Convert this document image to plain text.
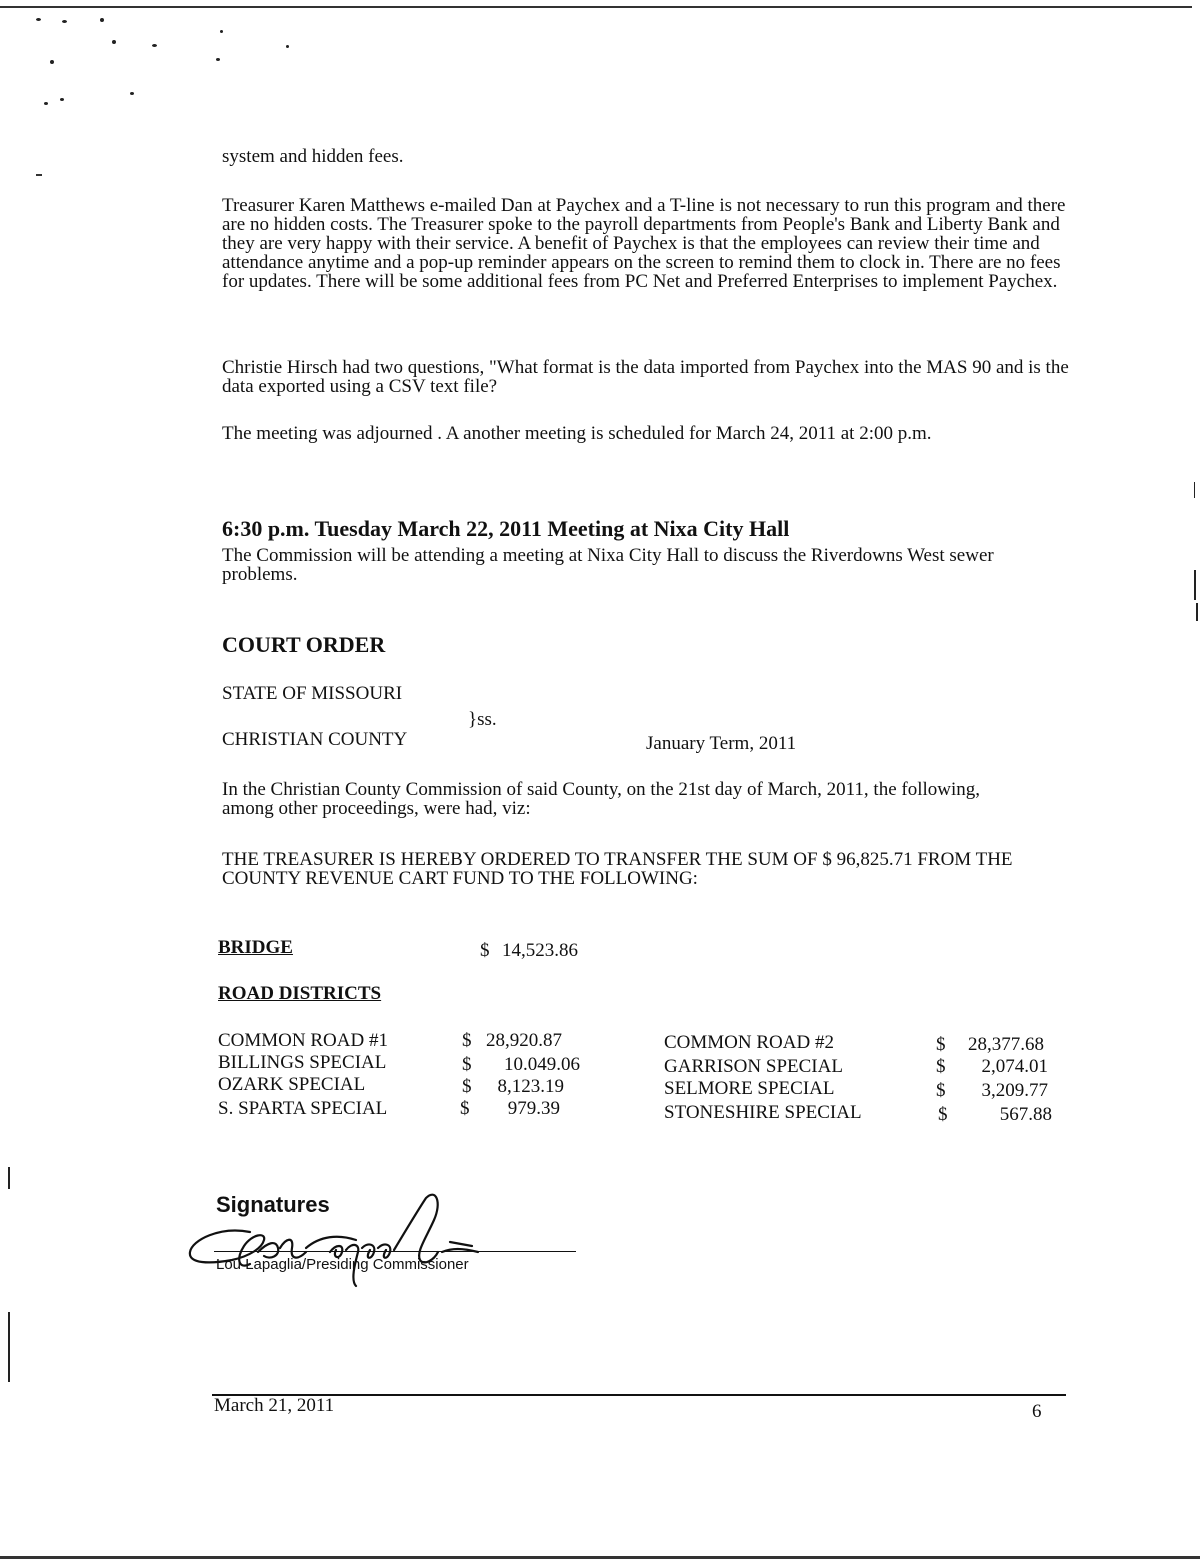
system and hidden fees.
Treasurer Karen Matthews e-mailed Dan at Paychex and a T-line is not necessary to run this program and there are no hidden costs. The Treasurer spoke to the payroll departments from People's Bank and Liberty Bank and they are very happy with their service. A benefit of Paychex is that the employees can review their time and attendance anytime and a pop-up reminder appears on the screen to remind them to clock in. There are no fees for updates. There will be some additional fees from PC Net and Preferred Enterprises to implement Paychex.
Christie Hirsch had two questions, "What format is the data imported from Paychex into the MAS 90 and is the data exported using a CSV text file?
The meeting was adjourned . A another meeting is scheduled for March 24, 2011 at 2:00 p.m.
6:30 p.m. Tuesday March 22, 2011 Meeting at Nixa City Hall
The Commission will be attending a meeting at Nixa City Hall to discuss the Riverdowns West sewer problems.
COURT ORDER
STATE OF MISSOURI
}ss.
CHRISTIAN COUNTY	January Term, 2011
In the Christian County Commission of said County, on the 21st day of March, 2011, the following, among other proceedings, were had, viz:
THE TREASURER IS HEREBY ORDERED TO TRANSFER THE SUM OF $ 96,825.71 FROM THE COUNTY REVENUE CART FUND TO THE FOLLOWING:
BRIDGE	$ 14,523.86
ROAD DISTRICTS
COMMON ROAD #1	$ 28,920.87
BILLINGS SPECIAL	$	10.049.06
OZARK SPECIAL	$	8,123.19
S. SPARTA SPECIAL	$	979.39
COMMON ROAD #2	$	28,377.68
GARRISON SPECIAL	$	2,074.01
SELMORE SPECIAL	$	3,209.77
STONESHIRE SPECIAL	$	567.88
Signatures
Lou Lapaglia/Presiding Commissioner
March 21, 2011	6
